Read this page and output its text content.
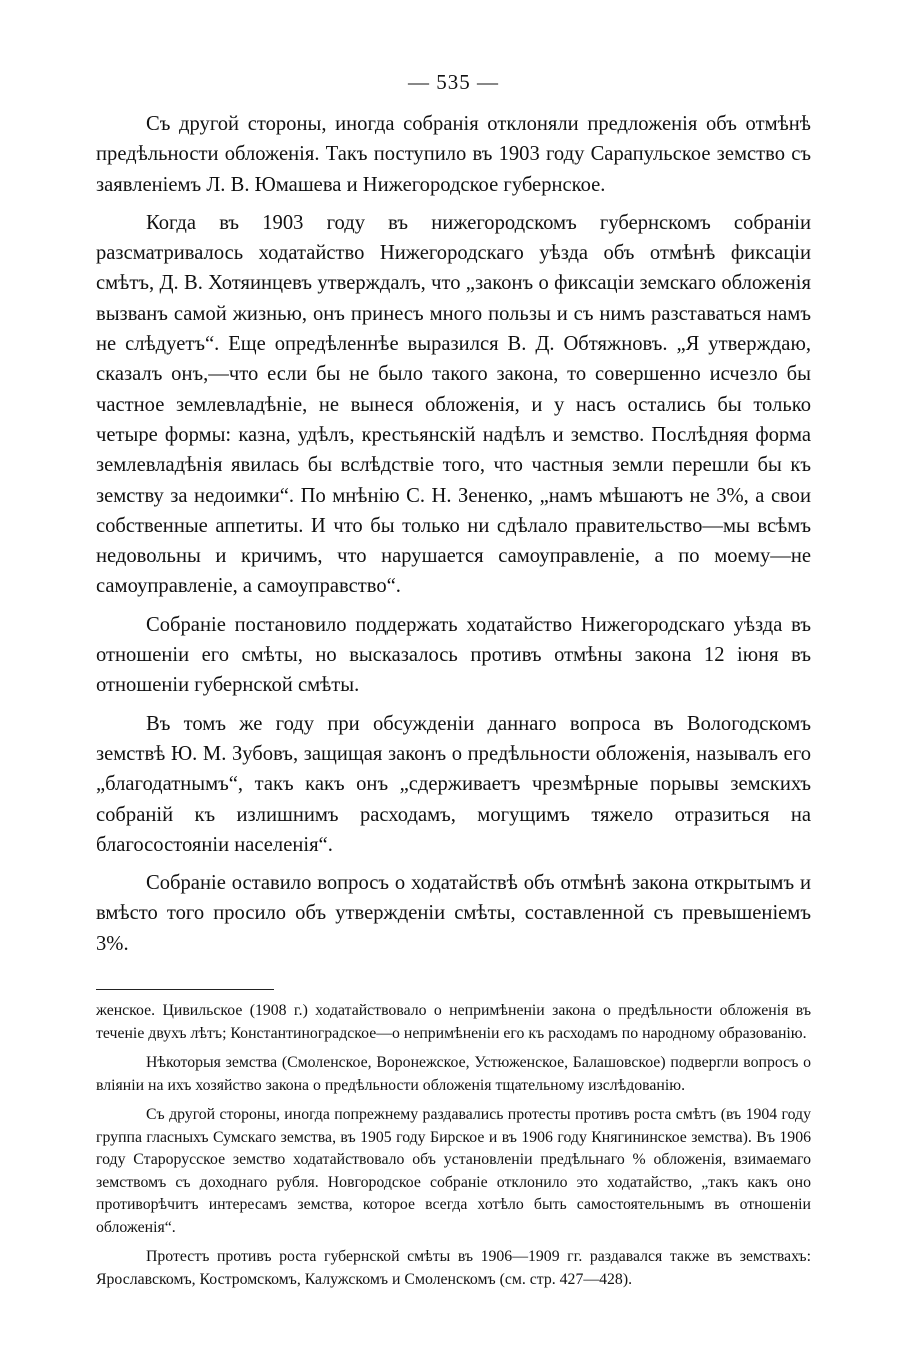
— 535 —

Съ другой стороны, иногда собранія отклоняли предложенія объ отмѣнѣ предѣльности обложенія. Такъ поступило въ 1903 году Сарапульское земство съ заявленіемъ Л. В. Юмашева и Нижегородское губернское.

Когда въ 1903 году въ нижегородскомъ губернскомъ собраніи разсматривалось ходатайство Нижегородскаго уѣзда объ отмѣнѣ фиксаціи смѣтъ, Д. В. Хотяинцевъ утверждалъ, что „законъ о фиксаціи земскаго обложенія вызванъ самой жизнью, онъ принесъ много пользы и съ нимъ разставаться намъ не слѣдуетъ“. Еще опредѣленнѣе выразился В. Д. Обтяжновъ. „Я утверждаю, сказалъ онъ,—что если бы не было такого закона, то совершенно исчезло бы частное землевладѣніе, не вынеся обложенія, и у насъ остались бы только четыре формы: казна, удѣлъ, крестьянскій надѣлъ и земство. Послѣдняя форма землевладѣнія явилась бы вслѣдствіе того, что частныя земли перешли бы къ земству за недоимки“. По мнѣнію С. Н. Зененко, „намъ мѣшаютъ не 3%, а свои собственные аппетиты. И что бы только ни сдѣлало правительство—мы всѣмъ недовольны и кричимъ, что нарушается самоуправленіе, а по моему—не самоуправленіе, а самоуправство“.

Собраніе постановило поддержать ходатайство Нижегородскаго уѣзда въ отношеніи его смѣты, но высказалось противъ отмѣны закона 12 іюня въ отношеніи губернской смѣты.

Въ томъ же году при обсужденіи даннаго вопроса въ Вологодскомъ земствѣ Ю. М. Зубовъ, защищая законъ о предѣльности обложенія, называлъ его „благодатнымъ“, такъ какъ онъ „сдерживаетъ чрезмѣрные порывы земскихъ собраній къ излишнимъ расходамъ, могущимъ тяжело отразиться на благосостояніи населенія“.

Собраніе оставило вопросъ о ходатайствѣ объ отмѣнѣ закона открытымъ и вмѣсто того просило объ утвержденіи смѣты, составленной съ превышеніемъ 3%.

женское. Цивильское (1908 г.) ходатайствовало о непримѣненіи закона о предѣльности обложенія въ теченіе двухъ лѣтъ; Константиноградское—о непримѣненіи его къ расходамъ по народному образованію.

Нѣкоторыя земства (Смоленское, Воронежское, Устюженское, Балашовское) подвергли вопросъ о вліяніи на ихъ хозяйство закона о предѣльности обложенія тщательному изслѣдованію.

Съ другой стороны, иногда попрежнему раздавались протесты противъ роста смѣтъ (въ 1904 году группа гласныхъ Сумскаго земства, въ 1905 году Бирское и въ 1906 году Княгининское земства). Въ 1906 году Старорусское земство ходатайствовало объ установленіи предѣльнаго % обложенія, взимаемаго земствомъ съ доходнаго рубля. Новгородское собраніе отклонило это ходатайство, „такъ какъ оно противорѣчитъ интересамъ земства, которое всегда хотѣло быть самостоятельнымъ въ отношеніи обложенія“.

Протестъ противъ роста губернской смѣты въ 1906—1909 гг. раздавался также въ земствахъ: Ярославскомъ, Костромскомъ, Калужскомъ и Смоленскомъ (см. стр. 427—428).
